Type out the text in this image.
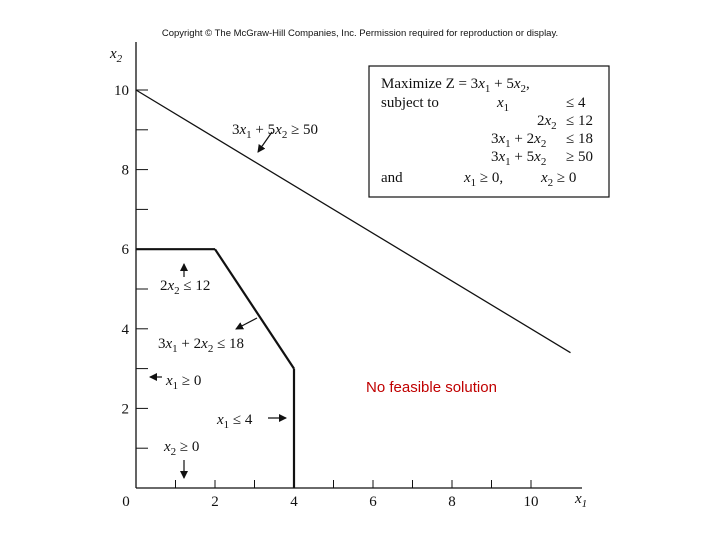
Copyright © The McGraw-Hill Companies, Inc. Permission required for reproduction or display.
0	2	4	6	8	10
2
4
6
8
10
$x_2$
$x_1$
$3x_1 + 5x_2 \ge 50$
$2x_2 \le 12$
$3x_1 + 2x_2 \le 18$
$x_1 \ge 0$
$x_1 \le 4$
$x_2 \ge 0$
Maximize $Z = 3x_1 + 5x_2$,
subject to	$x_1$	≤ 4
$2x_2 \le 12$
$3x_1 + 2x_2 \le 18$
$3x_1 + 5x_2 \ge 50$
and	$x_1 \ge 0$,	$x_2 \ge 0$
No feasible solution
